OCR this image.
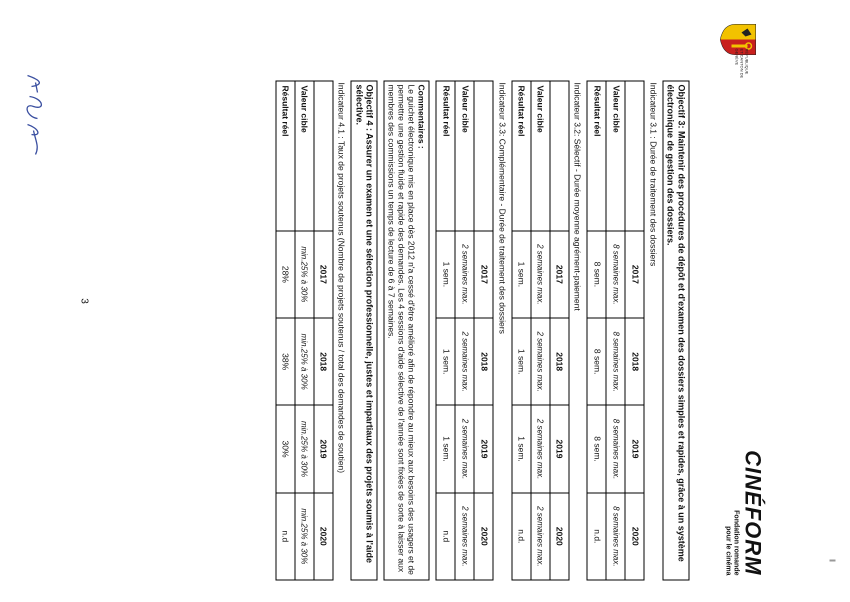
RÉPUBLIQUE ET CANTON DE GENÈVE
CINÉFORM
Fondation romande
pour le cinéma

Objectif 3: Maintenir des procédures de dépôt et d'examen des dossiers simples et rapides, grâce à un système électronique de gestion des dossiers.

Indicateur 3.1 : Durée de traitement des dossiers
	2017	2018	2019	2020
Valeur cible	8 semaines max.	8 semaines max.	8 semaines max.	8 semaines max.
Résultat réel	8 sem.	8 sem.	8 sem.	n.d.
Indicateur 3.2: Sélectif - Durée moyenne agrément-paiement
	2017	2018	2019	2020
Valeur cible	2 semaines max.	2 semaines max.	2 semaines max.	2 semaines max.
Résultat réel	1 sem.	1 sem.	1 sem.	n.d.
Indicateur 3.3: Complémentaire - Durée de traitement des dossiers
	2017	2018	2019	2020
Valeur cible	2 semaines max.	2 semaines max.	2 semaines max.	2 semaines max.
Résultat réel	1 sem.	1 sem.	1 sem.	n.d
Commentaires :
Le guichet électronique mis en place dès 2012 n'a cessé d'être amélioré afin de répondre au mieux aux besoins des usagers et de permettre une gestion fluide et rapide des demandes. Les 4 sessions d'aide sélective de l'année sont fixées de sorte à laisser aux membres des commissions un temps de lecture de 6 à 7 semaines.

Objectif 4 : Assurer un examen et une sélection professionnelle, justes et impartiaux des projets soumis à l'aide sélective.

Indicateur 4.1 : Taux de projets soutenus (Nombre de projets soutenus / total des demandes de soutien)
	2017	2018	2019	2020
Valeur cible	min.25% à 30%	min.25% à 30%	min.25% à 30%	min.25% à 30%
Résultat réel	28%	38%	30%	n.d
3
